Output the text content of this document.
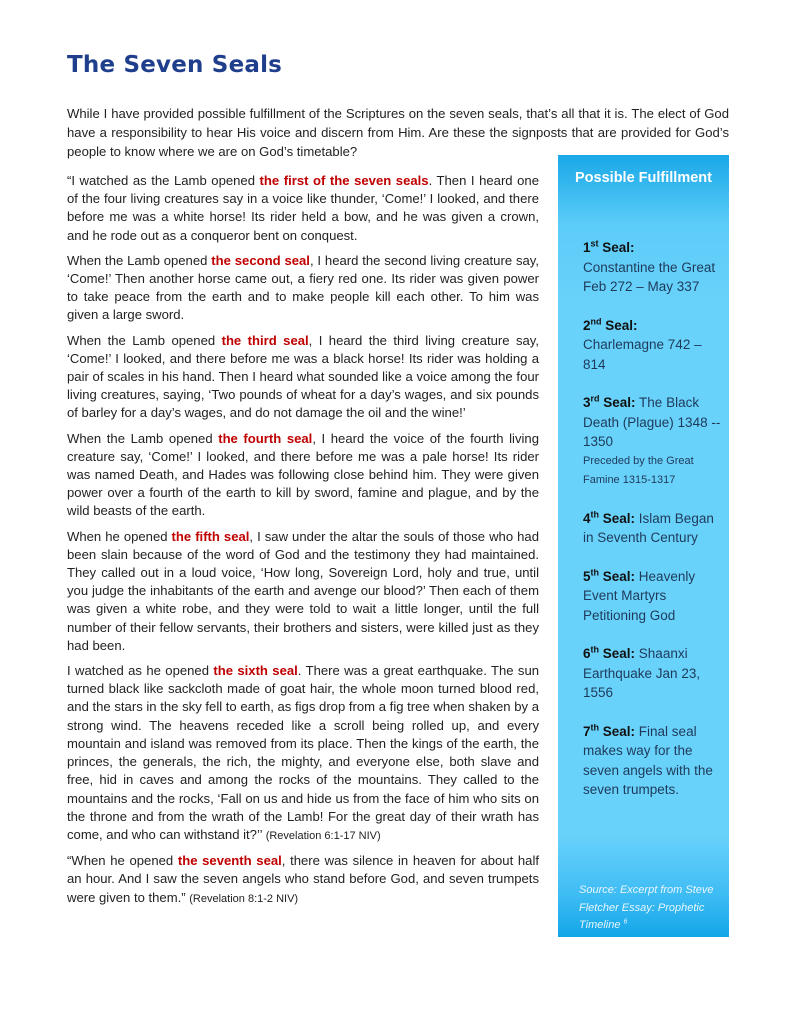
The Seven Seals

While I have provided possible fulfillment of the Scriptures on the seven seals, that’s all that it is. The elect of God have a responsibility to hear His voice and discern from Him. Are these the signposts that are provided for God’s people to know where we are on God’s timetable?

“I watched as the Lamb opened the first of the seven seals. Then I heard one of the four living creatures say in a voice like thunder, ‘Come!’ I looked, and there before me was a white horse! Its rider held a bow, and he was given a crown, and he rode out as a conqueror bent on conquest.

When the Lamb opened the second seal, I heard the second living creature say, ‘Come!’ Then another horse came out, a fiery red one. Its rider was given power to take peace from the earth and to make people kill each other. To him was given a large sword.

When the Lamb opened the third seal, I heard the third living creature say, ‘Come!’ I looked, and there before me was a black horse! Its rider was holding a pair of scales in his hand. Then I heard what sounded like a voice among the four living creatures, saying, ‘Two pounds of wheat for a day’s wages, and six pounds of barley for a day’s wages, and do not damage the oil and the wine!’

When the Lamb opened the fourth seal, I heard the voice of the fourth living creature say, ‘Come!’ I looked, and there before me was a pale horse! Its rider was named Death, and Hades was following close behind him. They were given power over a fourth of the earth to kill by sword, famine and plague, and by the wild beasts of the earth.

When he opened the fifth seal, I saw under the altar the souls of those who had been slain because of the word of God and the testimony they had maintained. They called out in a loud voice, ‘How long, Sovereign Lord, holy and true, until you judge the inhabitants of the earth and avenge our blood?’ Then each of them was given a white robe, and they were told to wait a little longer, until the full number of their fellow servants, their brothers and sisters, were killed just as they had been.

I watched as he opened the sixth seal. There was a great earthquake. The sun turned black like sackcloth made of goat hair, the whole moon turned blood red, and the stars in the sky fell to earth, as figs drop from a fig tree when shaken by a strong wind. The heavens receded like a scroll being rolled up, and every mountain and island was removed from its place. Then the kings of the earth, the princes, the generals, the rich, the mighty, and everyone else, both slave and free, hid in caves and among the rocks of the mountains. They called to the mountains and the rocks, ‘Fall on us and hide us from the face of him who sits on the throne and from the wrath of the Lamb! For the great day of their wrath has come, and who can withstand it?’’ (Revelation 6:1-17 NIV)

“When he opened the seventh seal, there was silence in heaven for about half an hour. And I saw the seven angels who stand before God, and seven trumpets were given to them.” (Revelation 8:1-2 NIV)

Possible Fulfillment
1st Seal:
Constantine the Great Feb 272 – May 337
2nd Seal:
Charlemagne 742 – 814
3rd Seal: The Black Death (Plague) 1348 -- 1350
Preceded by the Great Famine 1315-1317
4th Seal: Islam Began in Seventh Century
5th Seal: Heavenly Event Martyrs Petitioning God
6th Seal: Shaanxi Earthquake Jan 23, 1556
7th Seal: Final seal makes way for the seven angels with the seven trumpets.

Source: Excerpt from Steve Fletcher Essay: Prophetic Timeline $^6$
